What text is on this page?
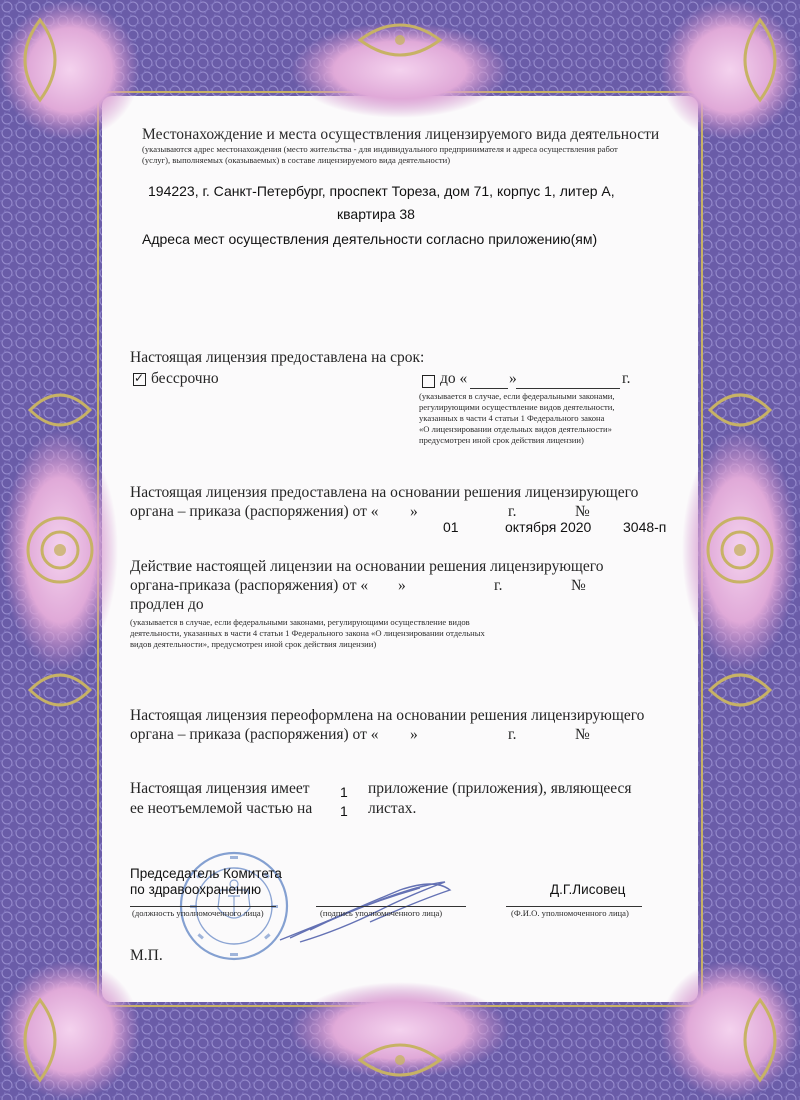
Местонахождение и места осуществления лицензируемого вида деятельности
(указываются адрес местонахождения (место жительства - для индивидуального предпринимателя и адреса осуществления работ
(услуг), выполняемых (оказываемых) в составе лицензируемого вида деятельности)
194223, г. Санкт-Петербург, проспект Тореза, дом 71, корпус 1, литер А,
квартира 38
Адреса мест осуществления деятельности согласно приложению(ям)
Настоящая лицензия предоставлена на срок:
✓ бессрочно	до «	»	г.
(указывается в случае, если федеральными законами,
регулирующими осуществление видов деятельности,
указанных в части 4 статьи 1 Федерального закона
«О лицензировании отдельных видов деятельности»
предусмотрен иной срок действия лицензии)
Настоящая лицензия предоставлена на основании решения лицензирующего
органа – приказа (распоряжения) от « »	г.	№
01	октября 2020 3048-п
Действие настоящей лицензии на основании решения лицензирующего
органа-приказа (распоряжения) от « »	г.	№
продлен до
(указывается в случае, если федеральными законами, регулирующими осуществление видов
деятельности, указанных в части 4 статьи 1 Федерального закона «О лицензировании отдельных
видов деятельности», предусмотрен иной срок действия лицензии)
Настоящая лицензия переоформлена на основании решения лицензирующего
органа – приказа (распоряжения) от « »	г.	№
Настоящая лицензия имеет 1 приложение (приложения), являющееся
ее неотъемлемой частью на 1 листах.
Председатель Комитета
по здравоохранению	Д.Г.Лисовец
(должность уполномоченного лица)	(подпись уполномоченного лица)	(Ф.И.О. уполномоченного лица)
М.П.
